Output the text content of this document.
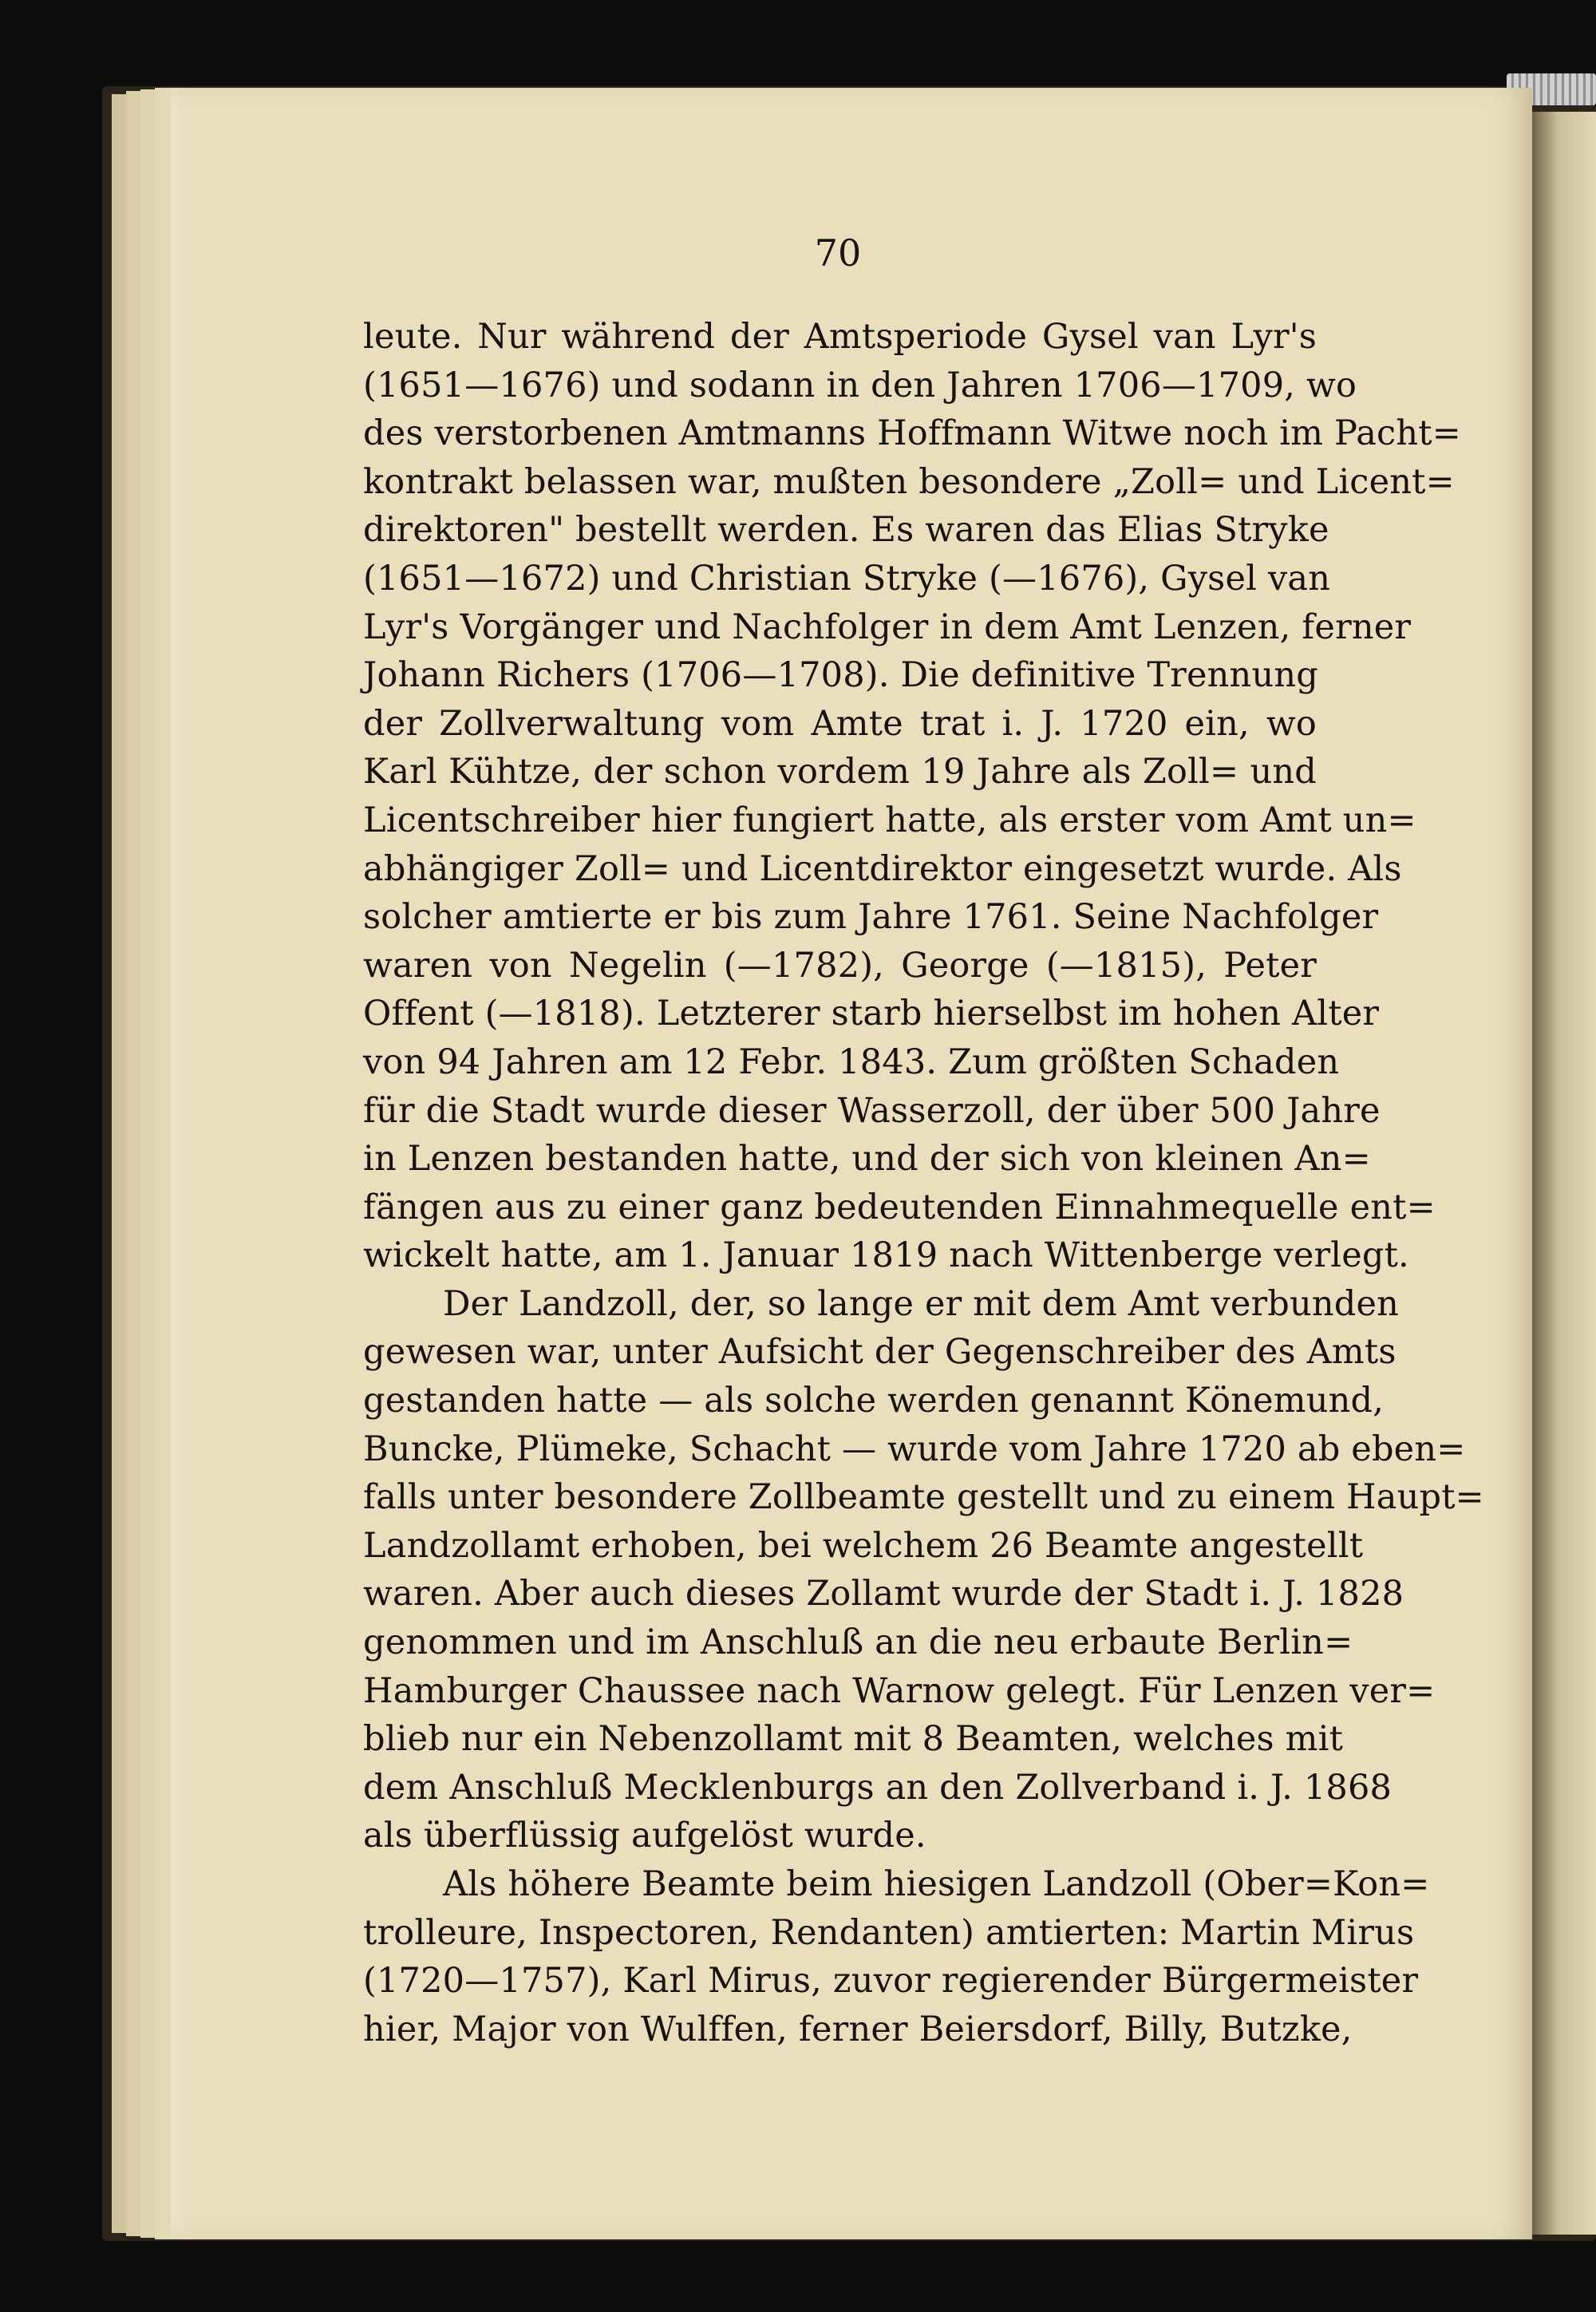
70
leute. Nur während der Amtsperiode Gysel van Lyr's
(1651—1676) und sodann in den Jahren 1706—1709, wo
des verstorbenen Amtmanns Hoffmann Witwe noch im Pacht=
kontrakt belassen war, mußten besondere „Zoll= und Licent=
direktoren" bestellt werden. Es waren das Elias Stryke
(1651—1672) und Christian Stryke (—1676), Gysel van
Lyr's Vorgänger und Nachfolger in dem Amt Lenzen, ferner
Johann Richers (1706—1708). Die definitive Trennung
der Zollverwaltung vom Amte trat i. J. 1720 ein, wo
Karl Kühtze, der schon vordem 19 Jahre als Zoll= und
Licentschreiber hier fungiert hatte, als erster vom Amt un=
abhängiger Zoll= und Licentdirektor eingesetzt wurde. Als
solcher amtierte er bis zum Jahre 1761. Seine Nachfolger
waren von Negelin (—1782), George (—1815), Peter
Offent (—1818). Letzterer starb hierselbst im hohen Alter
von 94 Jahren am 12 Febr. 1843. Zum größten Schaden
für die Stadt wurde dieser Wasserzoll, der über 500 Jahre
in Lenzen bestanden hatte, und der sich von kleinen An=
fängen aus zu einer ganz bedeutenden Einnahmequelle ent=
wickelt hatte, am 1. Januar 1819 nach Wittenberge verlegt.
Der Landzoll, der, so lange er mit dem Amt verbunden
gewesen war, unter Aufsicht der Gegenschreiber des Amts
gestanden hatte — als solche werden genannt Könemund,
Buncke, Plümeke, Schacht — wurde vom Jahre 1720 ab eben=
falls unter besondere Zollbeamte gestellt und zu einem Haupt=
Landzollamt erhoben, bei welchem 26 Beamte angestellt
waren. Aber auch dieses Zollamt wurde der Stadt i. J. 1828
genommen und im Anschluß an die neu erbaute Berlin=
Hamburger Chaussee nach Warnow gelegt. Für Lenzen ver=
blieb nur ein Nebenzollamt mit 8 Beamten, welches mit
dem Anschluß Mecklenburgs an den Zollverband i. J. 1868
als überflüssig aufgelöst wurde.
Als höhere Beamte beim hiesigen Landzoll (Ober=Kon=
trolleure, Inspectoren, Rendanten) amtierten: Martin Mirus
(1720—1757), Karl Mirus, zuvor regierender Bürgermeister
hier, Major von Wulffen, ferner Beiersdorf, Billy, Butzke,
